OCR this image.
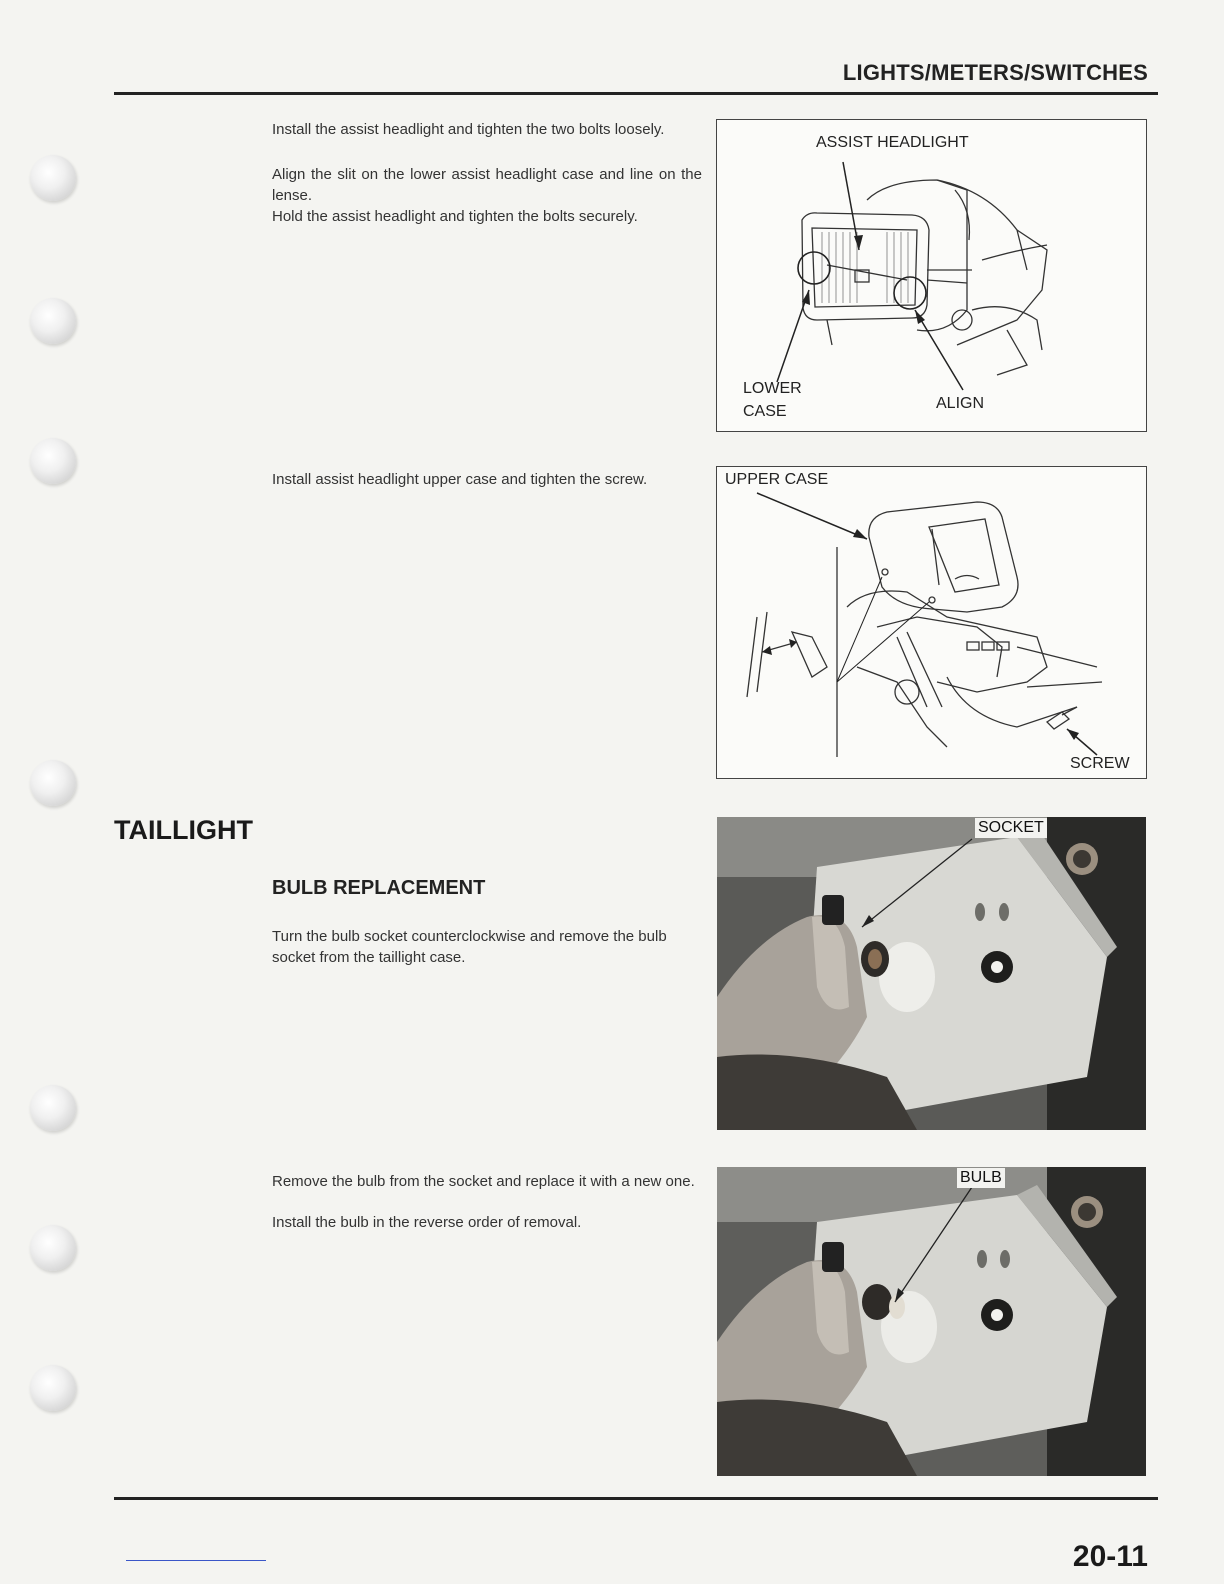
LIGHTS/METERS/SWITCHES

Install the assist headlight and tighten the two bolts loosely.

Align the slit on the lower assist headlight case and line on the lense.

Hold the assist headlight and tighten the bolts securely.

ASSIST HEADLIGHT
LOWER
CASE	ALIGN

Install assist headlight upper case and tighten the screw.	UPPER CASE
SCREW
TAILLIGHT
BULB REPLACEMENT

Turn the bulb socket counterclockwise and remove the bulb socket from the taillight case.

SOCKET

Remove the bulb from the socket and replace it with a new one.

Install the bulb in the reverse order of removal.

BULB
20-11
